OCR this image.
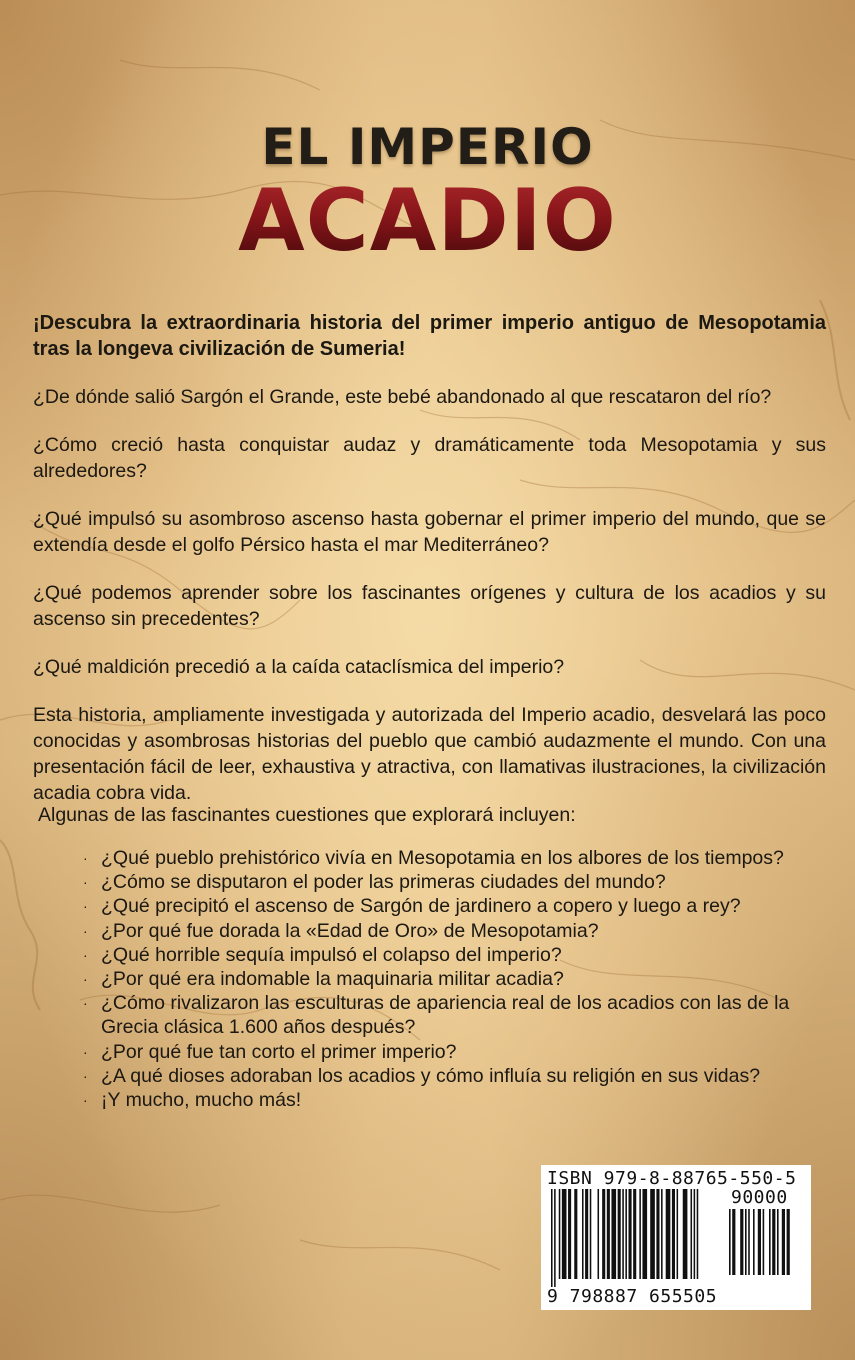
EL IMPERIO
ACADIO

¡Descubra la extraordinaria historia del primer imperio antiguo de Mesopotamia tras la longeva civilización de Sumeria!

¿De dónde salió Sargón el Grande, este bebé abandonado al que rescataron del río?

¿Cómo creció hasta conquistar audaz y dramáticamente toda Mesopotamia y sus alrededores?

¿Qué impulsó su asombroso ascenso hasta gobernar el primer imperio del mundo, que se extendía desde el golfo Pérsico hasta el mar Mediterráneo?

¿Qué podemos aprender sobre los fascinantes orígenes y cultura de los acadios y su ascenso sin precedentes?

¿Qué maldición precedió a la caída cataclísmica del imperio?

Esta historia, ampliamente investigada y autorizada del Imperio acadio, desvelará las poco conocidas y asombrosas historias del pueblo que cambió audazmente el mundo. Con una presentación fácil de leer, exhaustiva y atractiva, con llamativas ilustraciones, la civilización acadia cobra vida.

Algunas de las fascinantes cuestiones que explorará incluyen:
· ¿Qué pueblo prehistórico vivía en Mesopotamia en los albores de los tiempos?
· ¿Cómo se disputaron el poder las primeras ciudades del mundo?
· ¿Qué precipitó el ascenso de Sargón de jardinero a copero y luego a rey?
· ¿Por qué fue dorada la «Edad de Oro» de Mesopotamia?
· ¿Qué horrible sequía impulsó el colapso del imperio?
· ¿Por qué era indomable la maquinaria militar acadia?
· ¿Cómo rivalizaron las esculturas de apariencia real de los acadios con las de la Grecia clásica 1.600 años después?
· ¿Por qué fue tan corto el primer imperio?
· ¿A qué dioses adoraban los acadios y cómo influía su religión en sus vidas?
· ¡Y mucho, mucho más!
ISBN 979-8-88765-550-5
90000
9 798887 655505
